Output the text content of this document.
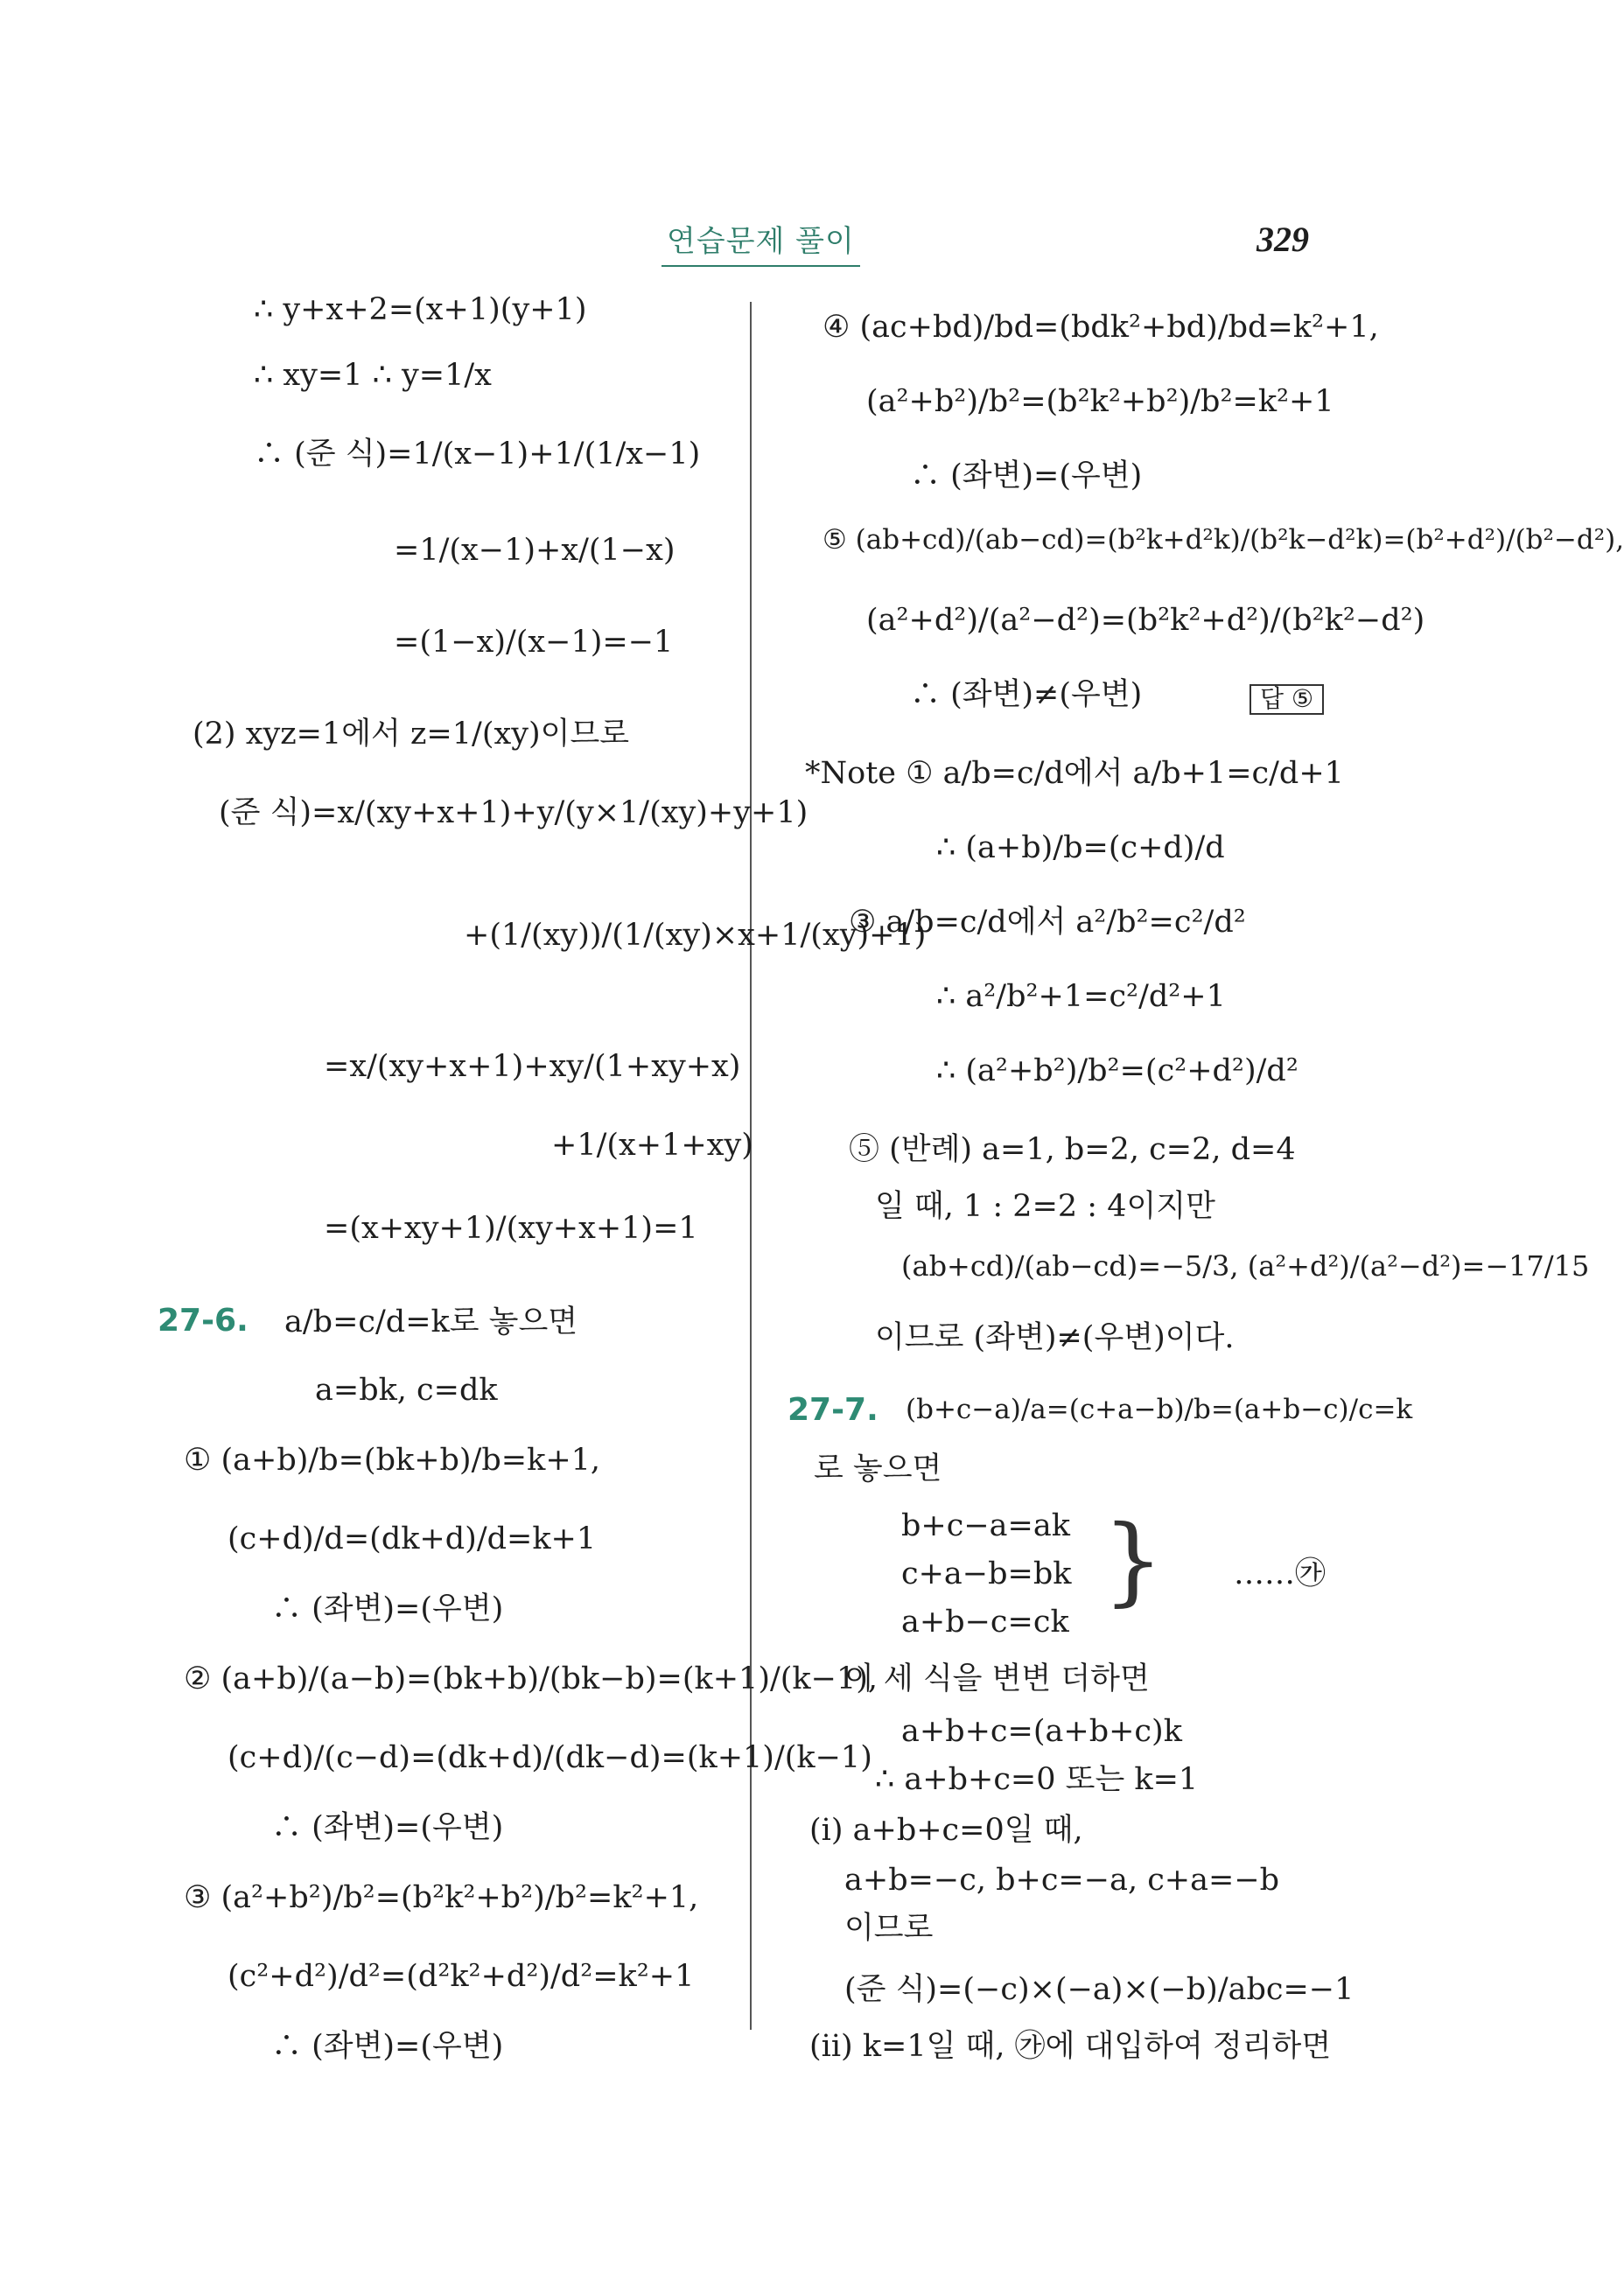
연습문제 풀이	329
∴ y+x+2=(x+1)(y+1)
∴ xy=1 ∴ y=1/x
∴ (준 식)=1/(x−1)+1/(1/x−1)
=1/(x−1)+x/(1−x)
=(1−x)/(x−1)=−1
(2) xyz=1에서 z=1/(xy)이므로
(준 식)=x/(xy+x+1)+y/(y×1/(xy)+y+1)
+(1/(xy))/(1/(xy)×x+1/(xy)+1)
=x/(xy+x+1)+xy/(1+xy+x)
+1/(x+1+xy)
=(x+xy+1)/(xy+x+1)=1
27-6. a/b=c/d=k로 놓으면
a=bk, c=dk
① (a+b)/b=(bk+b)/b=k+1,
(c+d)/d=(dk+d)/d=k+1
∴ (좌변)=(우변)
② (a+b)/(a−b)=(bk+b)/(bk−b)=(k+1)/(k−1),
(c+d)/(c−d)=(dk+d)/(dk−d)=(k+1)/(k−1)
∴ (좌변)=(우변)
③ (a²+b²)/b²=(b²k²+b²)/b²=k²+1,
(c²+d²)/d²=(d²k²+d²)/d²=k²+1
∴ (좌변)=(우변)
④ (ac+bd)/bd=(bdk²+bd)/bd=k²+1,
(a²+b²)/b²=(b²k²+b²)/b²=k²+1
∴ (좌변)=(우변)
⑤ (ab+cd)/(ab−cd)=(b²k+d²k)/(b²k−d²k)=(b²+d²)/(b²−d²),
(a²+d²)/(a²−d²)=(b²k²+d²)/(b²k²−d²)
∴ (좌변)≠(우변)	답 ⑤
*Note ① a/b=c/d에서 a/b+1=c/d+1
∴ (a+b)/b=(c+d)/d
③ a/b=c/d에서 a²/b²=c²/d²
∴ a²/b²+1=c²/d²+1
∴ (a²+b²)/b²=(c²+d²)/d²
⑤ (반례) a=1, b=2, c=2, d=4
일 때, 1 : 2=2 : 4이지만
(ab+cd)/(ab−cd)=−5/3, (a²+d²)/(a²−d²)=−17/15
이므로 (좌변)≠(우변)이다.
27-7. (b+c−a)/a=(c+a−b)/b=(a+b−c)/c=k
로 놓으면
b+c−a=ak
c+a−b=bk
a+b−c=ck
} ……㉮
이 세 식을 변변 더하면
a+b+c=(a+b+c)k
∴ a+b+c=0 또는 k=1
(i) a+b+c=0일 때,
a+b=−c, b+c=−a, c+a=−b
이므로
(준 식)=(−c)×(−a)×(−b)/abc=−1
(ii) k=1일 때, ㉮에 대입하여 정리하면
